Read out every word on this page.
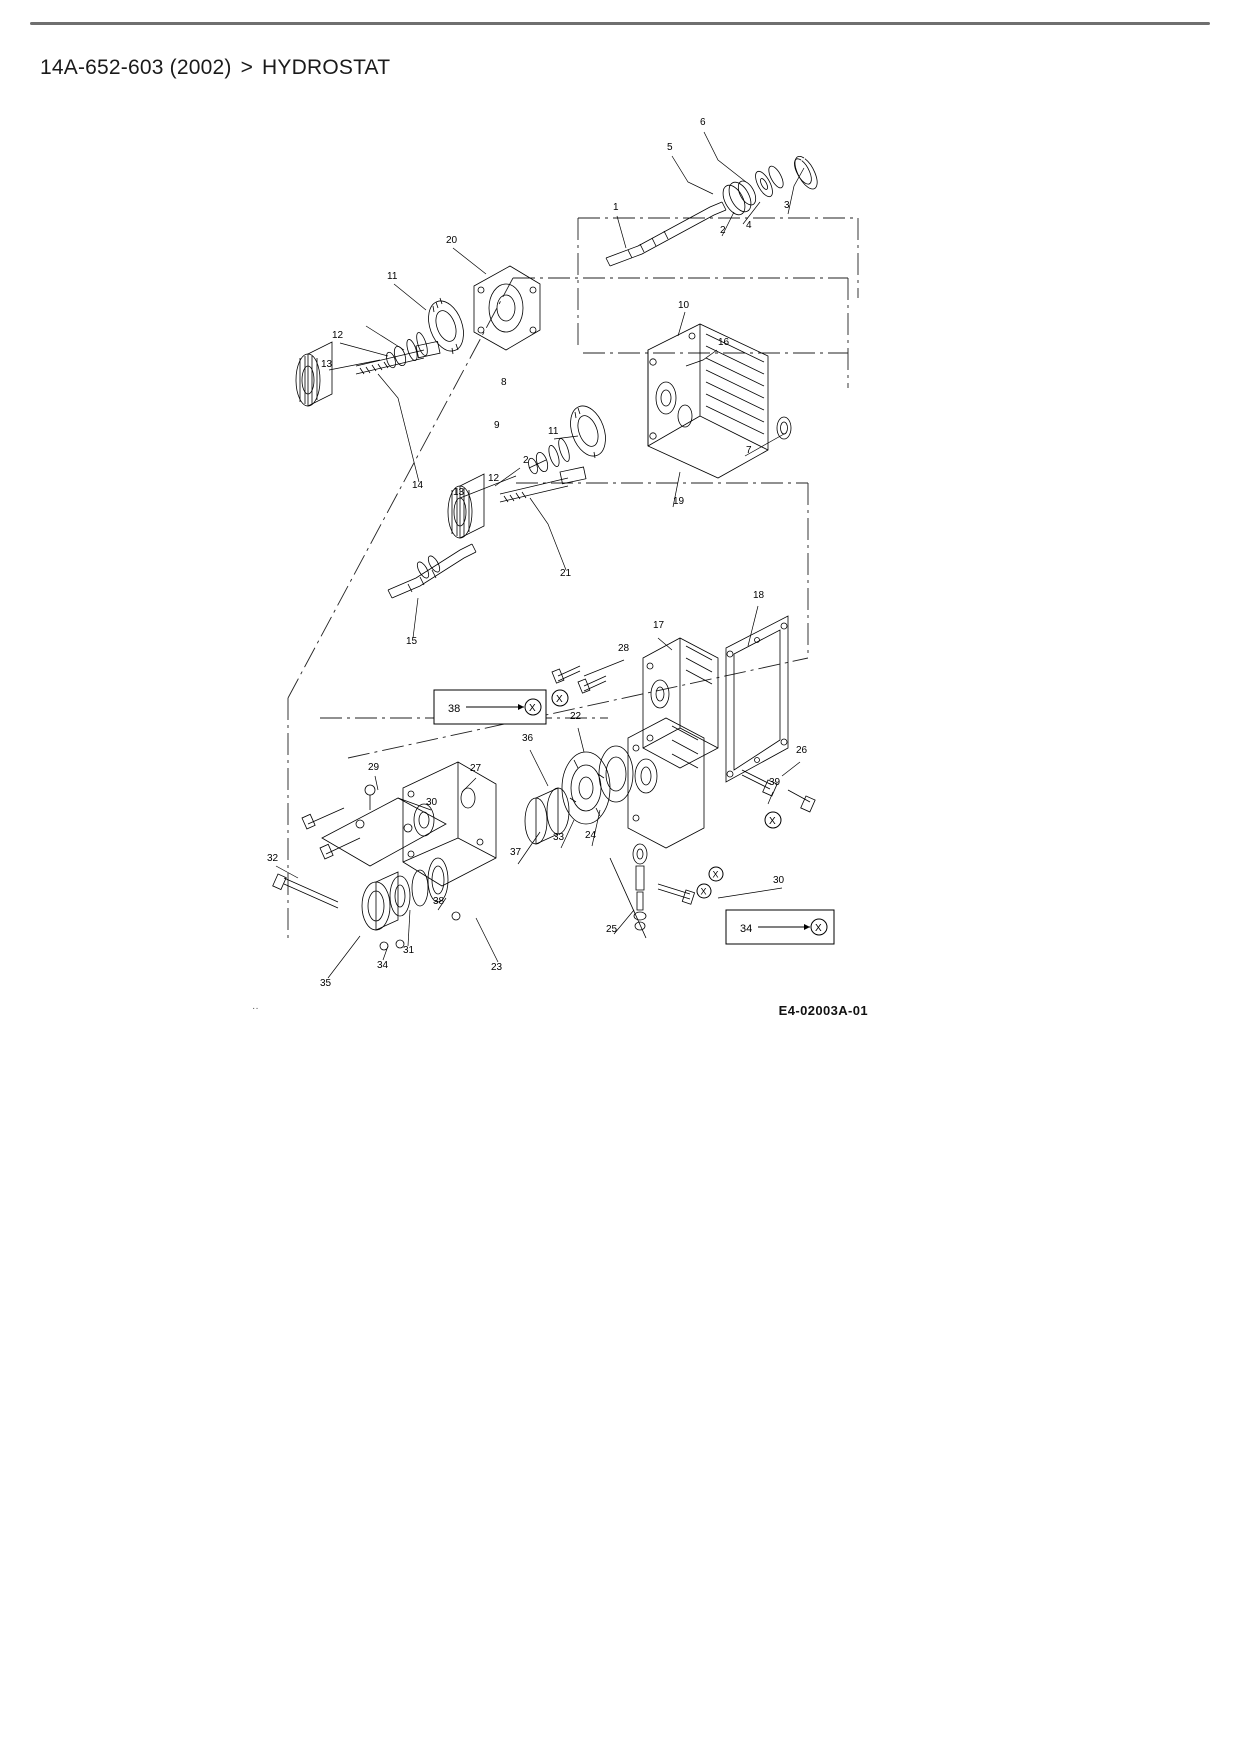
14A-652-603 (2002) > HYDROSTAT
38	X
34	X
X
X
X
X
1
2
3
4
5
6
7
8
9
10
11
12
13
14
15
16
17
18
19
20
21
22
23
24
25
26
27
28
29
30
31
32
33
34
35
36
37
38
39
11
2
12
13
30
E4-02003A-01
··
